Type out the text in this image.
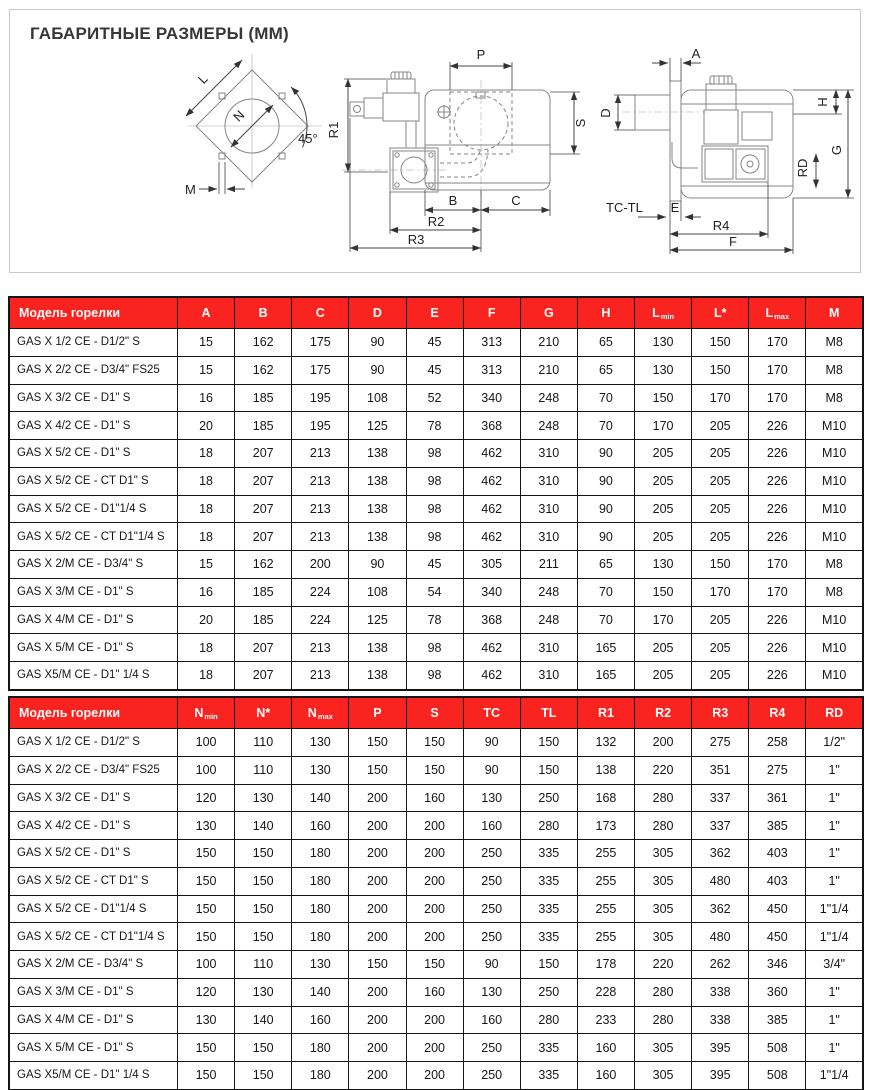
ГАБАРИТНЫЕ РАЗМЕРЫ (ММ)
N
L
45°
M
R1
P
S
B	C
R2
R3
A
D
H
RD
G
TC-TL E
R4
F
Модель горелки	A	B	C	D	E	F	G	H	$L_{min}$	L*	$L_{max}$	M
GAS X 1/2 CE - D1/2" S	15	162	175	90	45	313	210	65	130	150	170	M8
GAS X 2/2 CE - D3/4" FS25	15	162	175	90	45	313	210	65	130	150	170	M8
GAS X 3/2 CE - D1" S	16	185	195	108	52	340	248	70	150	170	170	M8
GAS X 4/2 CE - D1" S	20	185	195	125	78	368	248	70	170	205	226	M10
GAS X 5/2 CE - D1" S	18	207	213	138	98	462	310	90	205	205	226	M10
GAS X 5/2 CE - CT D1" S	18	207	213	138	98	462	310	90	205	205	226	M10
GAS X 5/2 CE - D1"1/4 S	18	207	213	138	98	462	310	90	205	205	226	M10
GAS X 5/2 CE - CT D1"1/4 S	18	207	213	138	98	462	310	90	205	205	226	M10
GAS X 2/M CE - D3/4" S	15	162	200	90	45	305	211	65	130	150	170	M8
GAS X 3/M CE - D1" S	16	185	224	108	54	340	248	70	150	170	170	M8
GAS X 4/M CE - D1" S	20	185	224	125	78	368	248	70	170	205	226	M10
GAS X 5/M CE - D1" S	18	207	213	138	98	462	310	165	205	205	226	M10
GAS X5/M CE - D1" 1/4 S	18	207	213	138	98	462	310	165	205	205	226	M10
Модель горелки	$N_{min}$	N*	$N_{max}$	P	S	TC	TL	R1	R2	R3	R4	RD
GAS X 1/2 CE - D1/2" S	100	110	130	150	150	90	150	132	200	275	258	1/2"
GAS X 2/2 CE - D3/4" FS25	100	110	130	150	150	90	150	138	220	351	275	1"
GAS X 3/2 CE - D1" S	120	130	140	200	160	130	250	168	280	337	361	1"
GAS X 4/2 CE - D1" S	130	140	160	200	200	160	280	173	280	337	385	1"
GAS X 5/2 CE - D1" S	150	150	180	200	200	250	335	255	305	362	403	1"
GAS X 5/2 CE - CT D1" S	150	150	180	200	200	250	335	255	305	480	403	1"
GAS X 5/2 CE - D1"1/4 S	150	150	180	200	200	250	335	255	305	362	450	1"1/4
GAS X 5/2 CE - CT D1"1/4 S	150	150	180	200	200	250	335	255	305	480	450	1"1/4
GAS X 2/M CE - D3/4" S	100	110	130	150	150	90	150	178	220	262	346	3/4"
GAS X 3/M CE - D1" S	120	130	140	200	160	130	250	228	280	338	360	1"
GAS X 4/M CE - D1" S	130	140	160	200	200	160	280	233	280	338	385	1"
GAS X 5/M CE - D1" S	150	150	180	200	200	250	335	160	305	395	508	1"
GAS X5/M CE - D1" 1/4 S	150	150	180	200	200	250	335	160	305	395	508	1"1/4
